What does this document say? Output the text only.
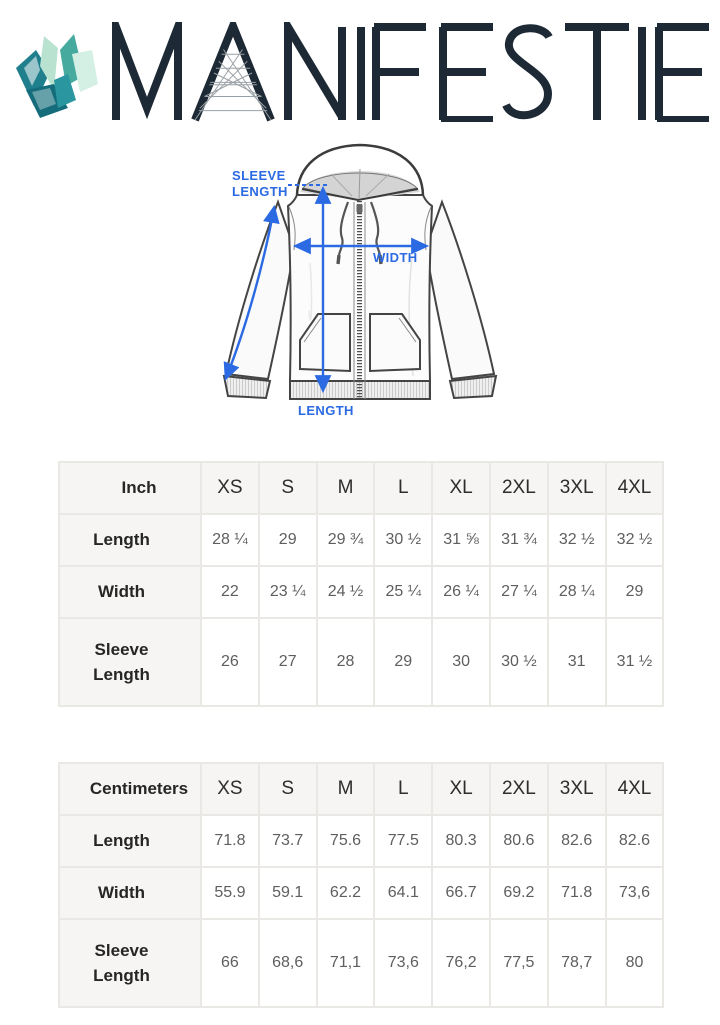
SLEEVE
LENGTH
WIDTH
LENGTH
Inch	XS	S	M	L	XL	2XL	3XL	4XL
Length	28 ¼	29	29 ¾	30 ½	31 ⅝	31 ¾	32 ½	32 ½
Width	22	23 ¼	24 ½	25 ¼	26 ¼	27 ¼	28 ¼	29
Sleeve Length	26	27	28	29	30	30 ½	31	31 ½
Centimeters	XS	S	M	L	XL	2XL	3XL	4XL
Length	71.8	73.7	75.6	77.5	80.3	80.6	82.6	82.6
Width	55.9	59.1	62.2	64.1	66.7	69.2	71.8	73,6
Sleeve Length	66	68,6	71,1	73,6	76,2	77,5	78,7	80
